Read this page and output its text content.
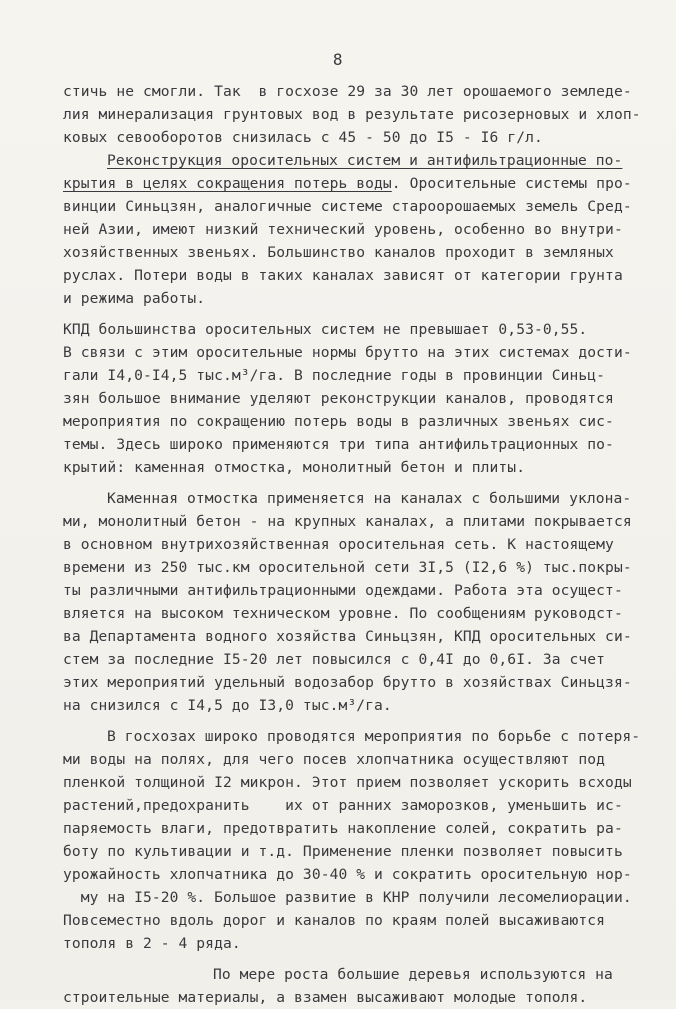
8
стичь не смогли. Так  в госхозе 29 за 30 лет орошаемого земледе-
лия минерализация грунтовых вод в результате рисозерновых и хлоп-
ковых севооборотов снизилась с 45 - 50 до I5 - I6 г/л.
Реконструкция оросительных систем и антифильтрационные по-
крытия в целях сокращения потерь воды. Оросительные системы про-
винции Синьцзян, аналогичные системе староорошаемых земель Сред-
ней Азии, имеют низкий технический уровень, особенно во внутри-
хозяйственных звеньях. Большинство каналов проходит в земляных
руслах. Потери воды в таких каналах зависят от категории грунта
и режима работы.
КПД большинства оросительных систем не превышает 0,53-0,55.
В связи с этим оросительные нормы брутто на этих системах дости-
гали I4,0-I4,5 тыс.м³/га. В последние годы в провинции Синьц-
зян большое внимание уделяют реконструкции каналов, проводятся
мероприятия по сокращению потерь воды в различных звеньях сис-
темы. Здесь широко применяются три типа антифильтрационных по-
крытий: каменная отмостка, монолитный бетон и плиты.
Каменная отмостка применяется на каналах с большими уклона-
ми, монолитный бетон - на крупных каналах, а плитами покрывается
в основном внутрихозяйственная оросительная сеть. К настоящему
времени из 250 тыс.км оросительной сети 3I,5 (I2,6 %) тыс.покры-
ты различными антифильтрационными одеждами. Работа эта осущест-
вляется на высоком техническом уровне. По сообщениям руководст-
ва Департамента водного хозяйства Синьцзян, КПД оросительных си-
стем за последние I5-20 лет повысился с 0,4I до 0,6I. За счет
этих мероприятий удельный водозабор брутто в хозяйствах Синьцзя-
на снизился с I4,5 до I3,0 тыс.м³/га.
В госхозах широко проводятся мероприятия по борьбе с потеря-
ми воды на полях, для чего посев хлопчатника осуществляют под
пленкой толщиной I2 микрон. Этот прием позволяет ускорить всходы
растений,предохранить    их от ранних заморозков, уменьшить ис-
паряемость влаги, предотвратить накопление солей, сократить ра-
боту по культивации и т.д. Применение пленки позволяет повысить
урожайность хлопчатника до 30-40 % и сократить оросительную нор-
му на I5-20 %. Большое развитие в КНР получили лесомелиорации.
Повсеместно вдоль дорог и каналов по краям полей высаживаются
тополя в 2 - 4 ряда.
По мере роста большие деревья используются на
строительные материалы, а взамен высаживают молодые тополя.
